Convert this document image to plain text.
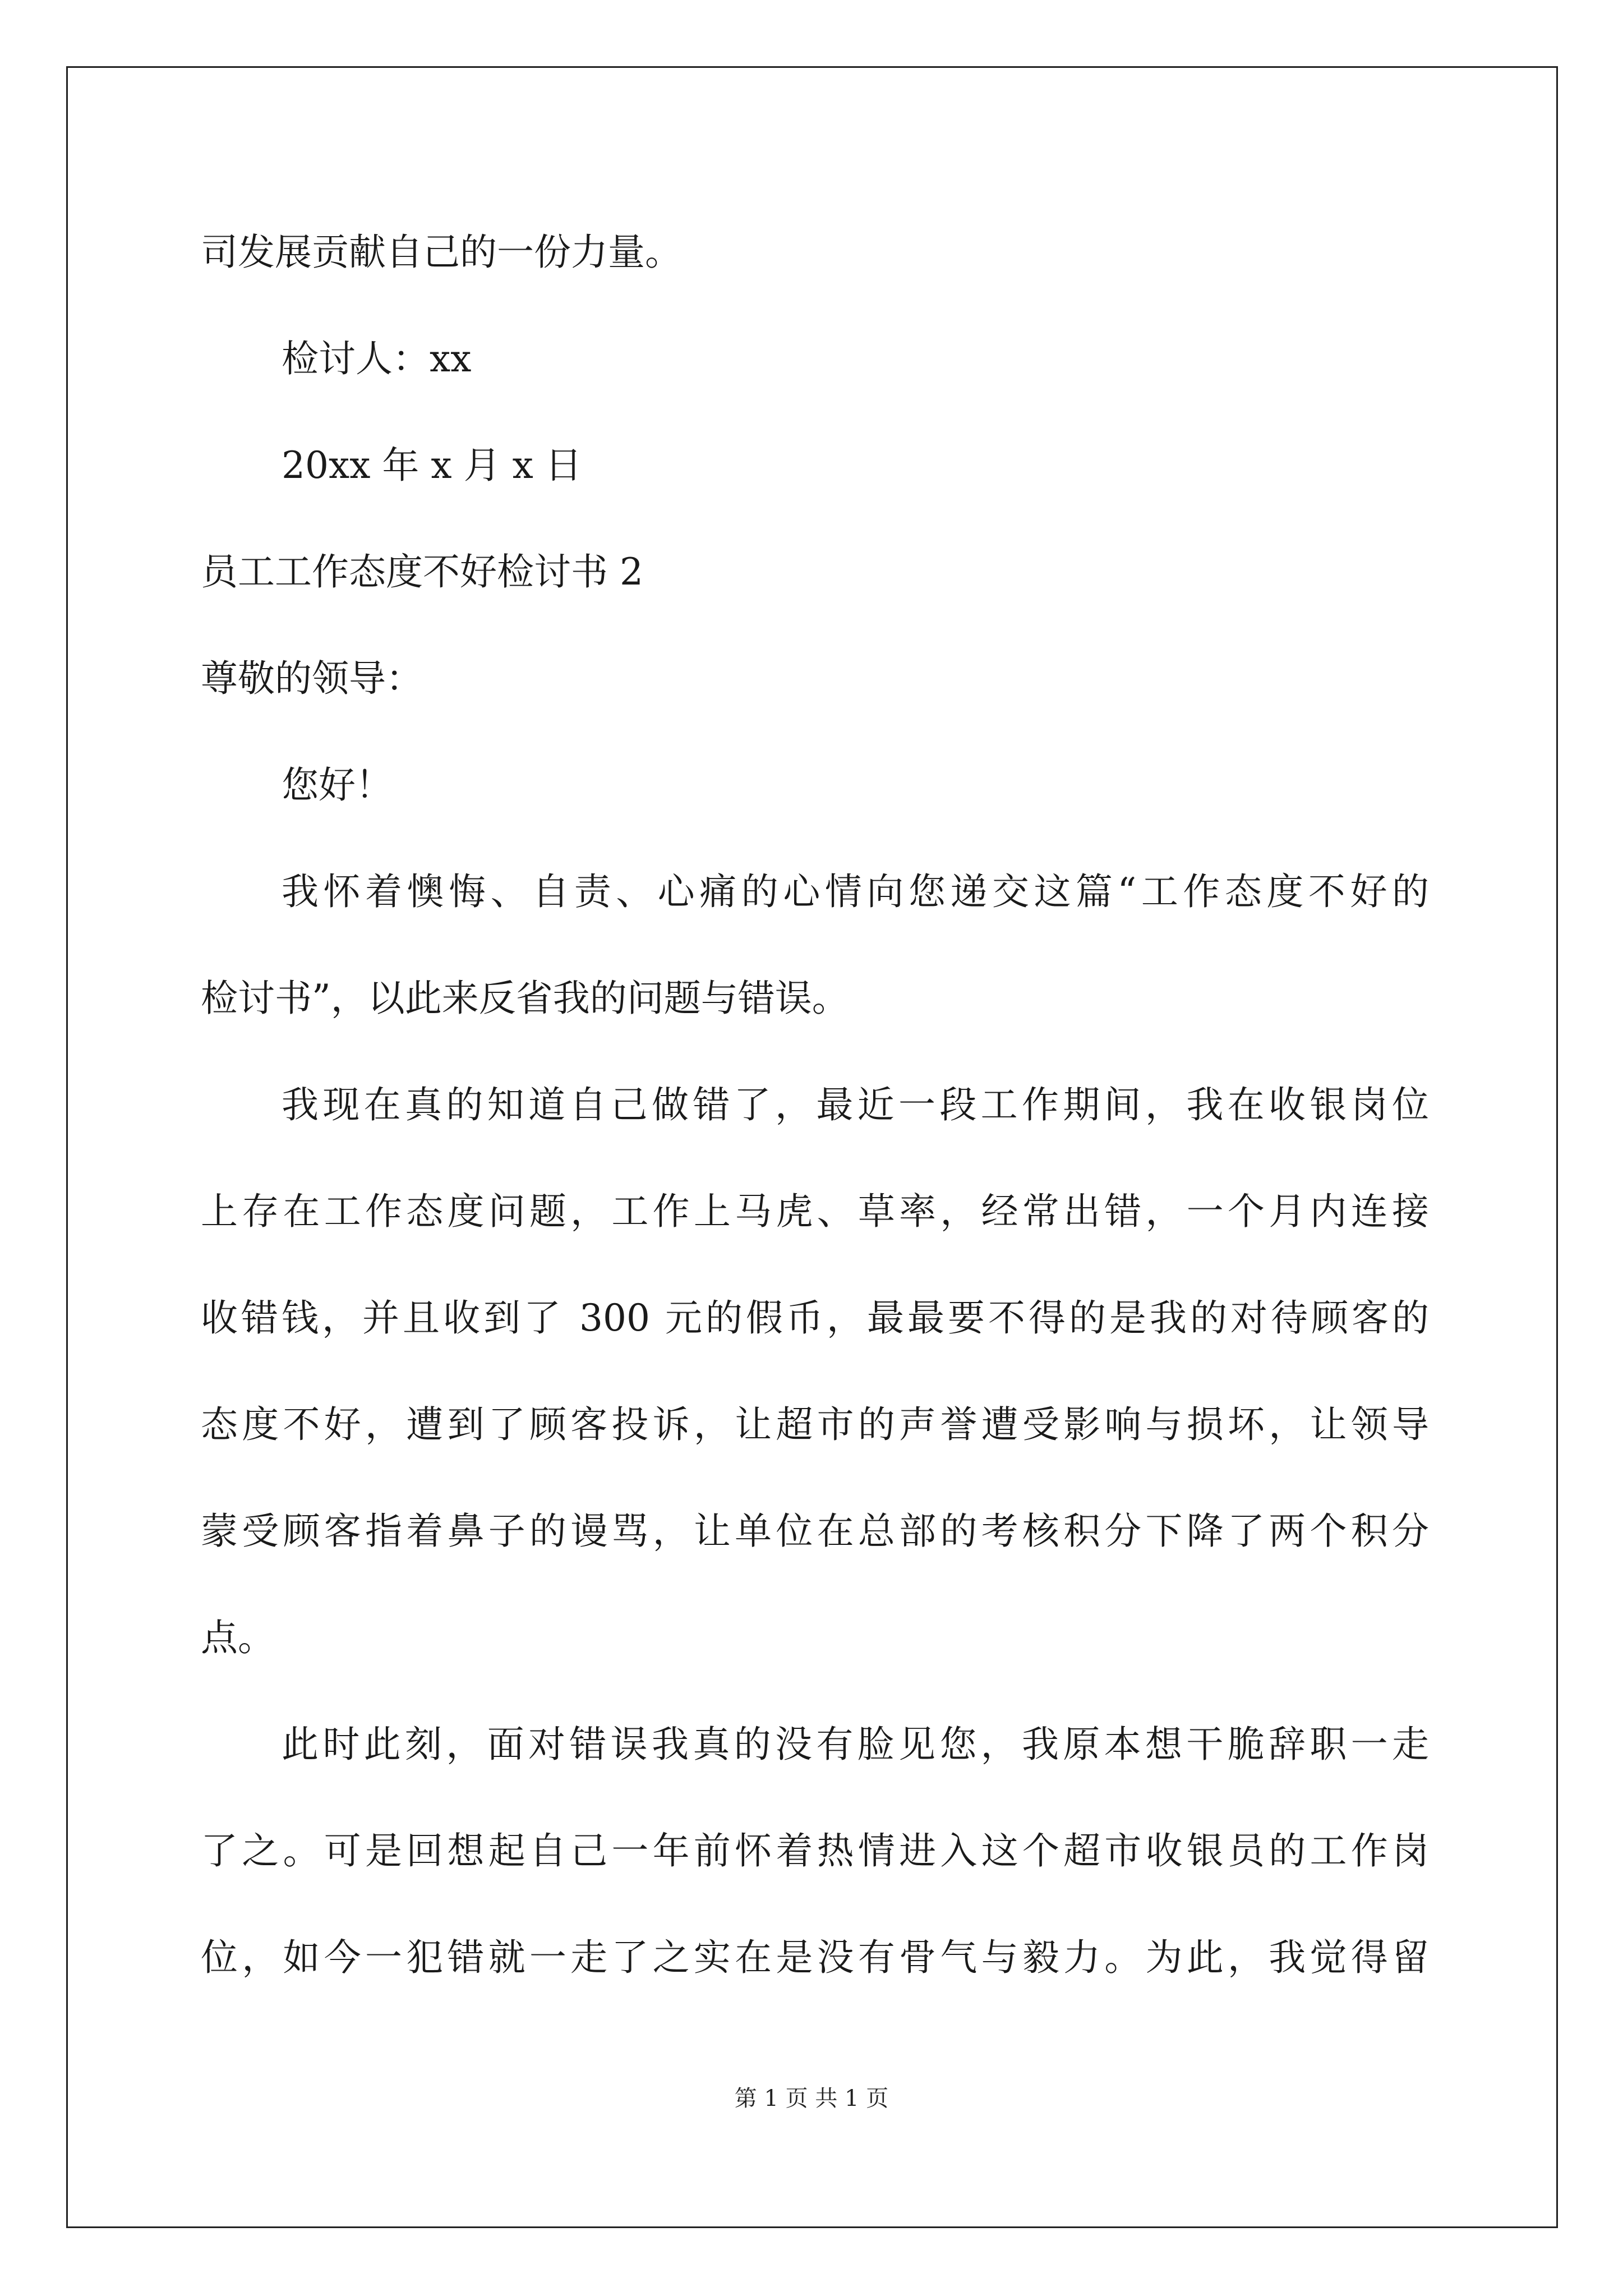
司发展贡献自己的一份力量。
检讨人：xx
20xx 年 x 月 x 日
员工工作态度不好检讨书 2
尊敬的领导：
您好！
我怀着懊悔、自责、心痛的心情向您递交这篇“工作态度不好的
检讨书”，以此来反省我的问题与错误。
我现在真的知道自己做错了，最近一段工作期间，我在收银岗位
上存在工作态度问题，工作上马虎、草率，经常出错，一个月内连接
收错钱，并且收到了 300 元的假币，最最要不得的是我的对待顾客的
态度不好，遭到了顾客投诉，让超市的声誉遭受影响与损坏，让领导
蒙受顾客指着鼻子的谩骂，让单位在总部的考核积分下降了两个积分
点。
此时此刻，面对错误我真的没有脸见您，我原本想干脆辞职一走
了之。可是回想起自己一年前怀着热情进入这个超市收银员的工作岗
位，如今一犯错就一走了之实在是没有骨气与毅力。为此，我觉得留
第 1 页 共 1 页
